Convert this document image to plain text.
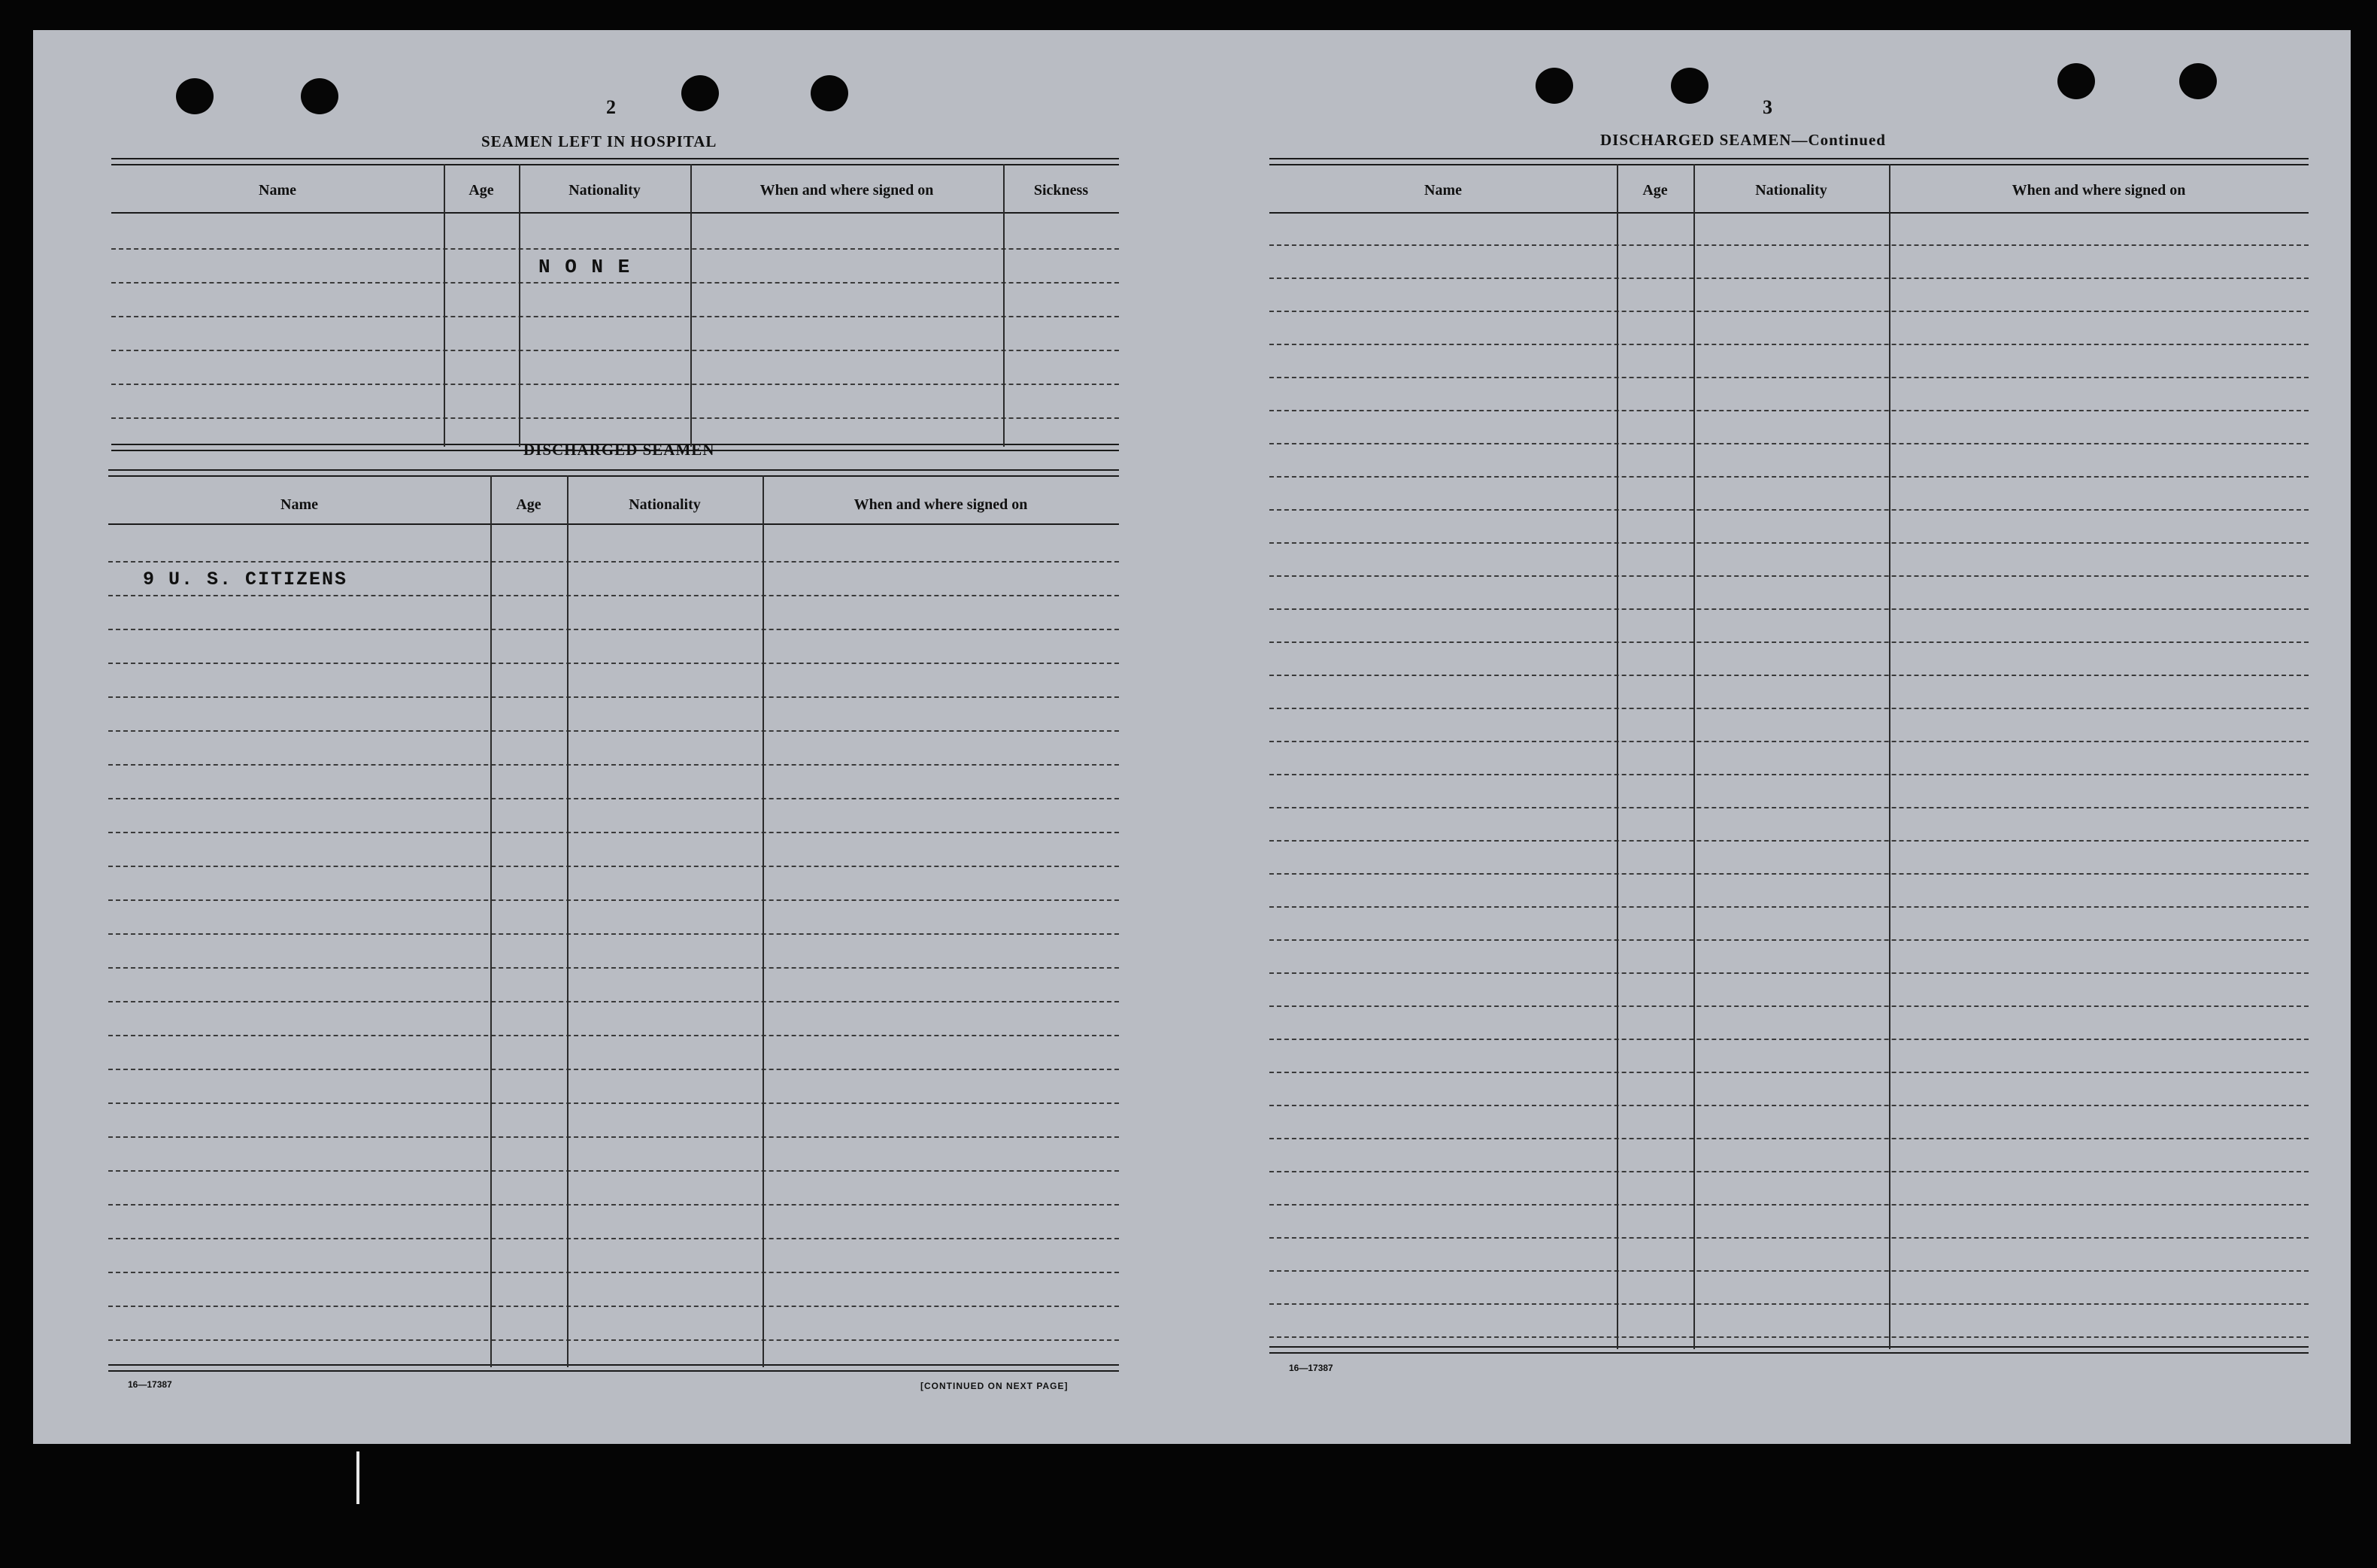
2
SEAMEN LEFT IN HOSPITAL
Name	Age	Nationality	When and where signed on	Sickness
N O N E
DISCHARGED SEAMEN
Name	Age	Nationality	When and where signed on
9 U. S. CITIZENS
16—17387	[CONTINUED ON NEXT PAGE]
3
DISCHARGED SEAMEN—Continued
Name	Age	Nationality	When and where signed on
16—17387
